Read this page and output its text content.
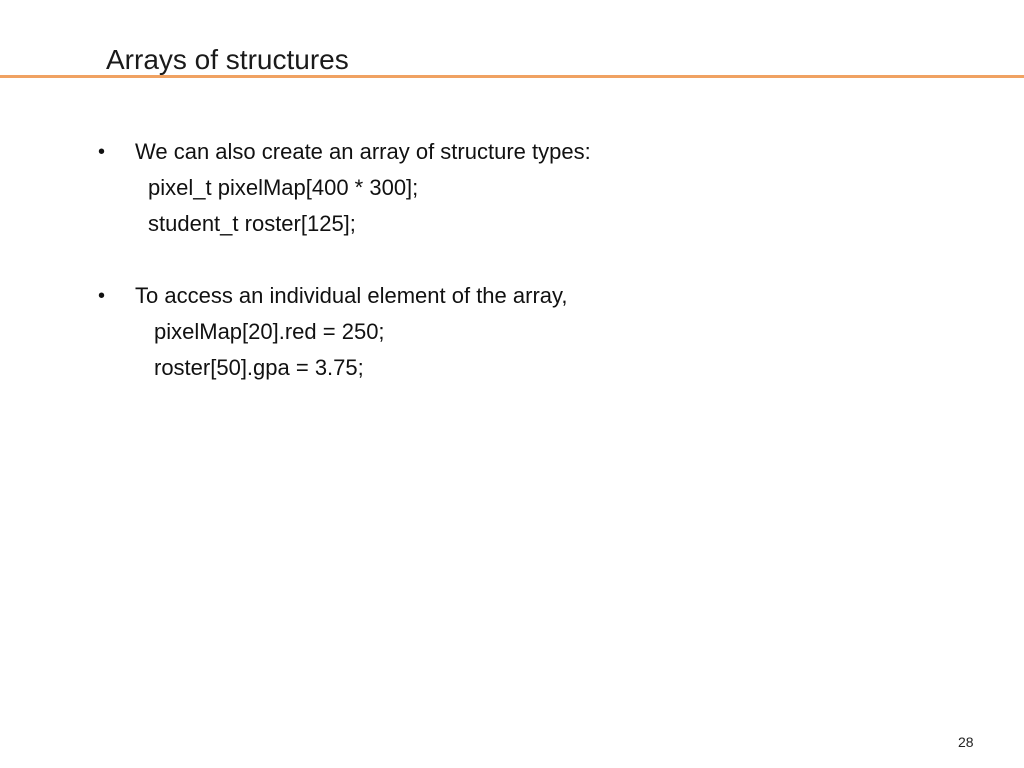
Arrays of structures
• We can also create an array of structure types:
pixel_t pixelMap[400 * 300];
student_t roster[125];
• To access an individual element of the array,
pixelMap[20].red = 250;
roster[50].gpa = 3.75;
28
